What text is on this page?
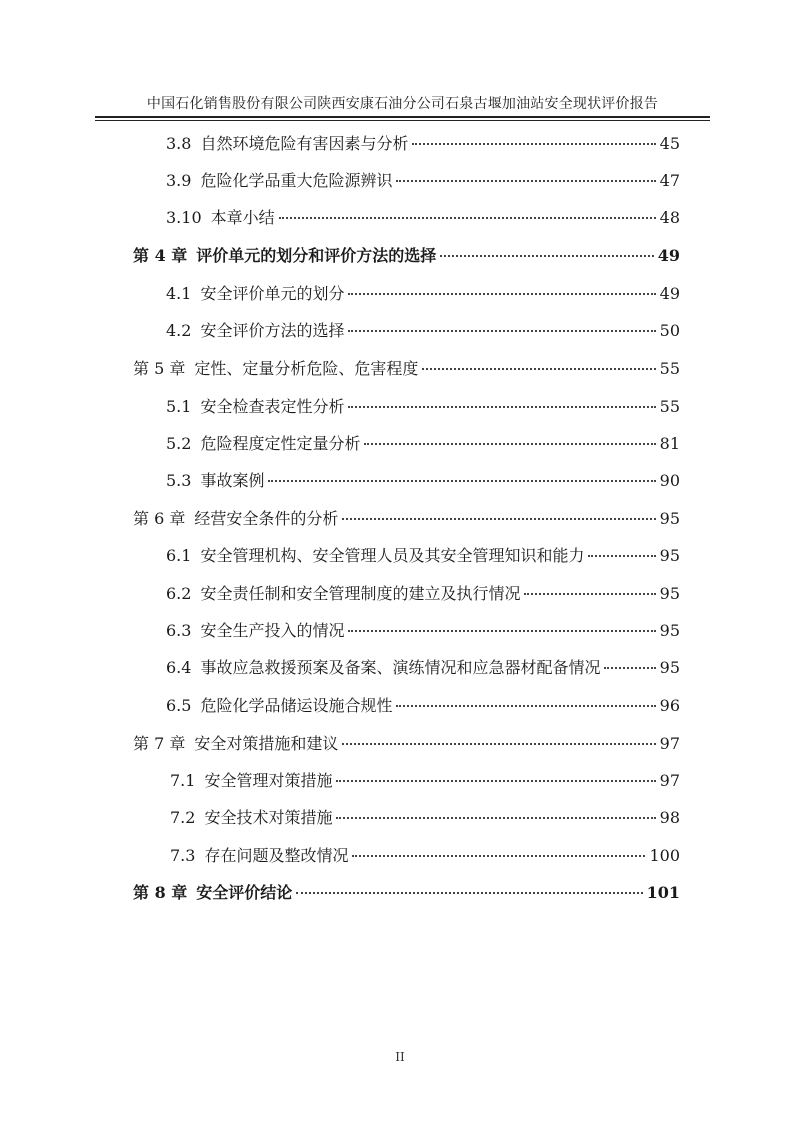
中国石化销售股份有限公司陕西安康石油分公司石泉古堰加油站安全现状评价报告
3.8 自然环境危险有害因素与分析	45
3.9 危险化学品重大危险源辨识	47
3.10 本章小结	48
第 4 章 评价单元的划分和评价方法的选择	49
4.1 安全评价单元的划分	49
4.2 安全评价方法的选择	50
第 5 章 定性、定量分析危险、危害程度	55
5.1 安全检查表定性分析	55
5.2 危险程度定性定量分析	81
5.3 事故案例	90
第 6 章 经营安全条件的分析	95
6.1 安全管理机构、安全管理人员及其安全管理知识和能力	95
6.2 安全责任制和安全管理制度的建立及执行情况	95
6.3 安全生产投入的情况	95
6.4 事故应急救援预案及备案、演练情况和应急器材配备情况	95
6.5 危险化学品储运设施合规性	96
第 7 章 安全对策措施和建议	97
7.1 安全管理对策措施	97
7.2 安全技术对策措施	98
7.3 存在问题及整改情况	100
第 8 章 安全评价结论	101
II
